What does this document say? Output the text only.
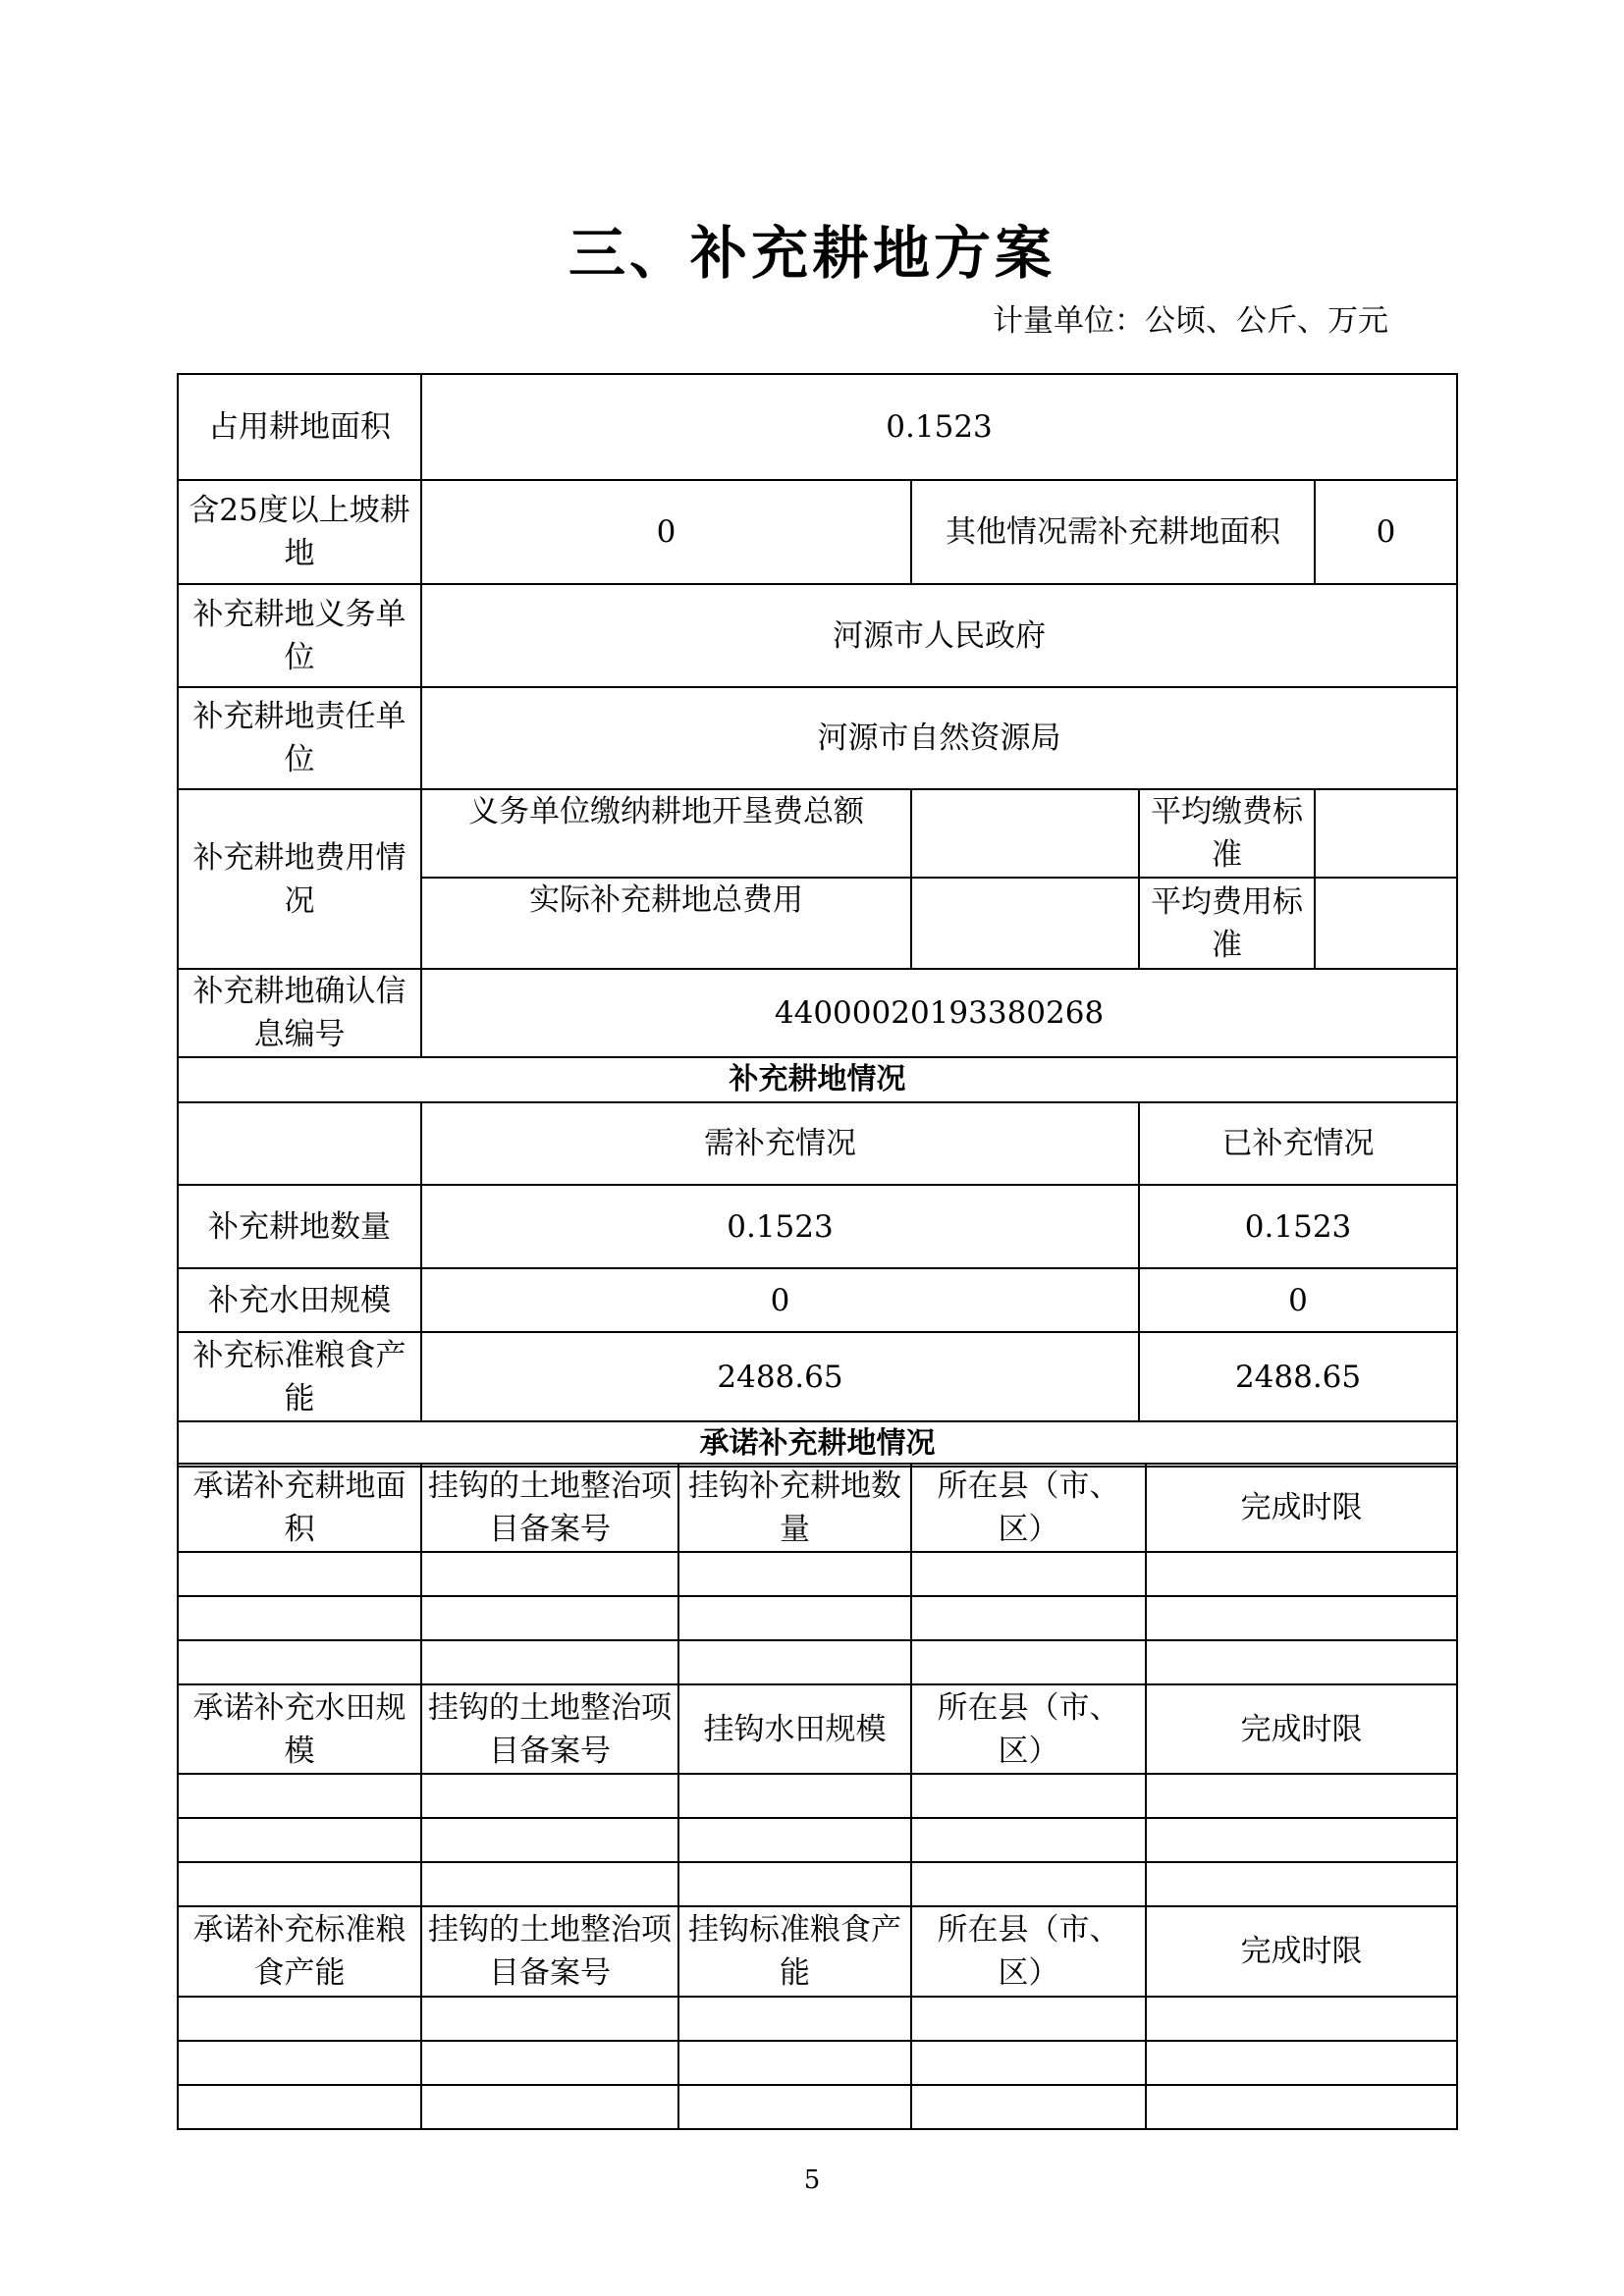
三、补充耕地方案
计量单位：公顷、公斤、万元
占用耕地面积	0.1523			
含25度以上坡耕地	0	其他情况需补充耕地面积		0
补充耕地义务单位	河源市人民政府			
补充耕地责任单位	河源市自然资源局			
补充耕地费用情况	义务单位缴纳耕地开垦费总额		平均缴费标准	
	实际补充耕地总费用		平均费用标准	
补充耕地确认信息编号	44000020193380268			
补充耕地情况				
	需补充情况		已补充情况	
补充耕地数量	0.1523		0.1523	
补充水田规模	0		0	
补充标准粮食产能	2488.65		2488.65	
承诺补充耕地情况				
承诺补充耕地面积	挂钩的土地整治项目备案号	挂钩补充耕地数量	所在县（市、区）	完成时限

承诺补充水田规模	挂钩的土地整治项目备案号	挂钩水田规模	所在县（市、区）	完成时限

承诺补充标准粮食产能	挂钩的土地整治项目备案号	挂钩标准粮食产能	所在县（市、区）	完成时限

5
